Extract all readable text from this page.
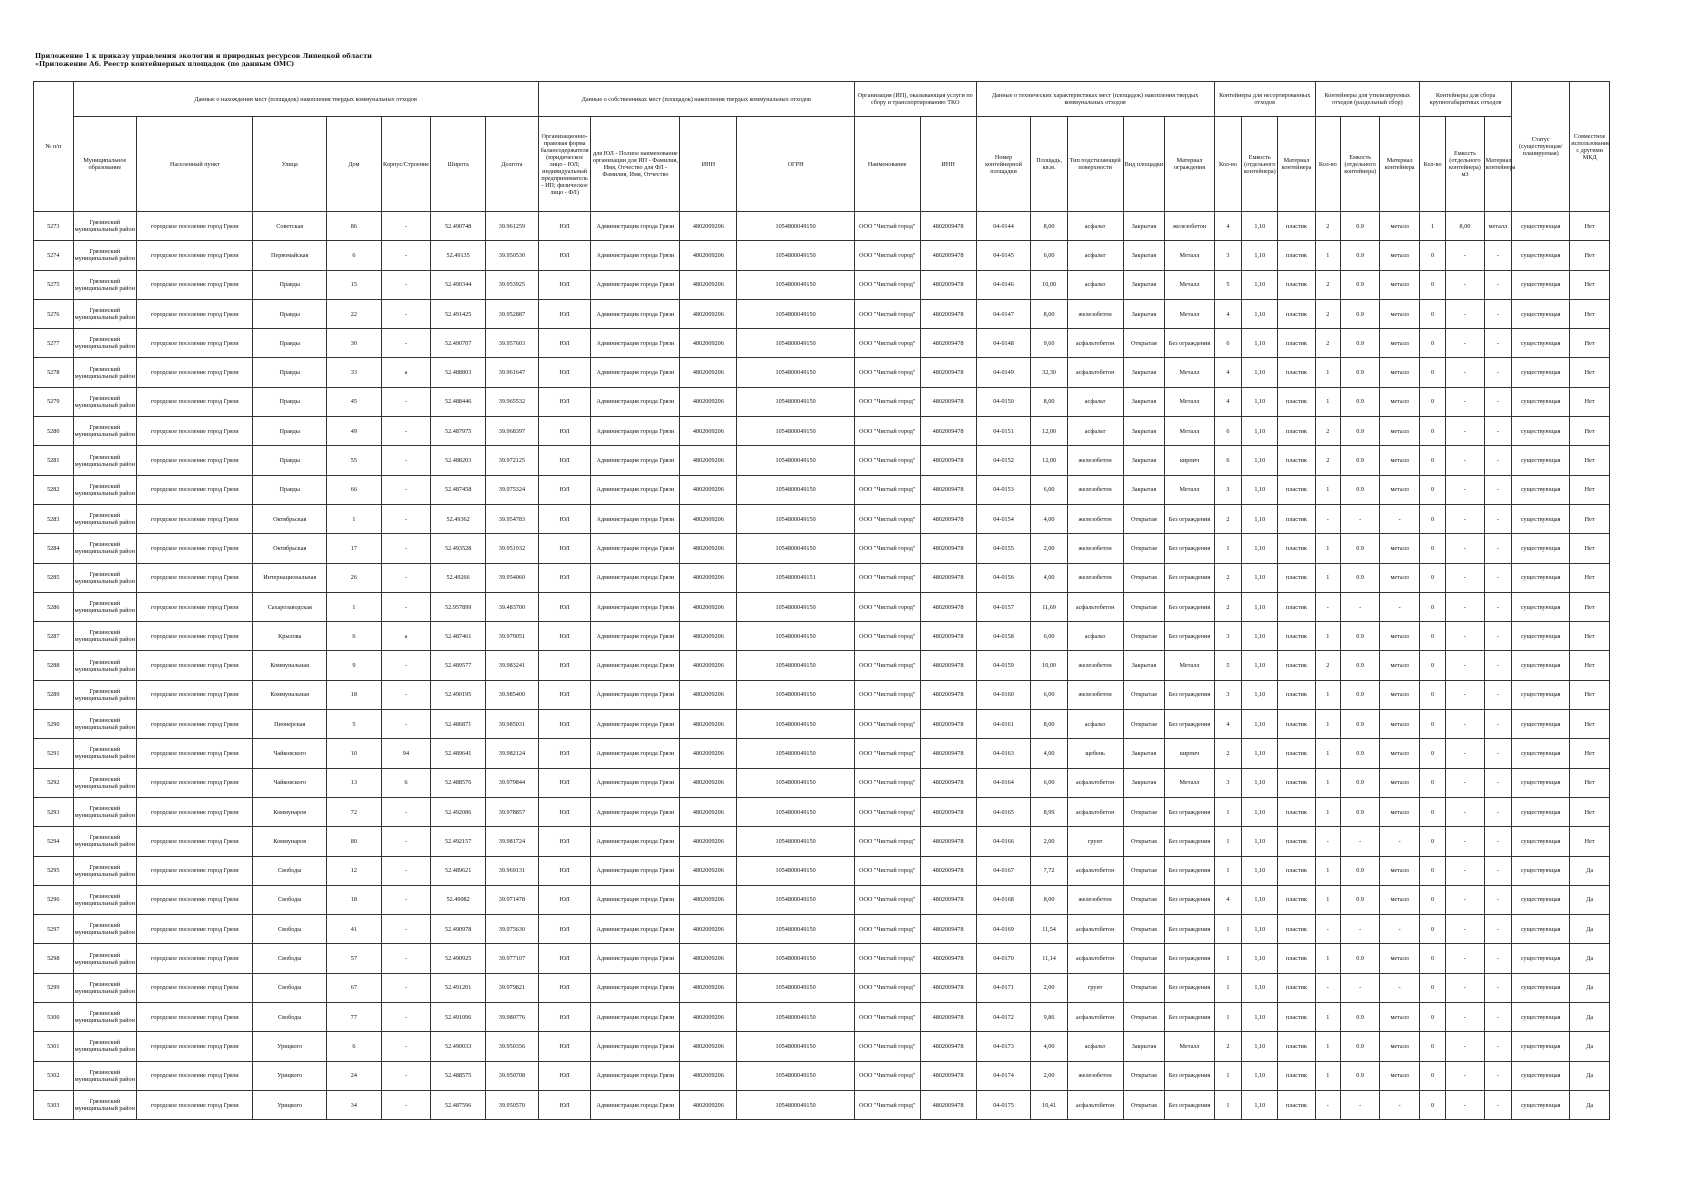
Приложение 1 к приказу управления экологии и природных ресурсов Липецкой области
«Приложение А6. Реестр контейнерных площадок (по данным ОМС)
№ п/п	Данные о нахождении мест (площадок) накопления твердых коммунальных отходов							Данные о собственниках мест (площадок) накопления твердых коммунальных отходов				Организация (ИП), оказывающая услуги по сбору и транспортированию ТКО		Данные о технических характеристиках мест (площадок) накопления твердых коммунальных отходов					Контейнеры для несортированных отходов			Контейнеры для утилизируемых отходов (раздельный сбор)			Контейнеры для сбора крупногабаритных отходов			Статус (существующая/ планируемая)	Совместное использование с другими МКД
	Муниципальное образование	Населенный пункт	Улица	Дом	Корпус/Строение	Широта	Долгота	Организационно-правовая форма балансодержателя (юридическое лицо - ЮЛ; индивидуальный предприниматель - ИП; физическое лицо - ФЛ)	для ЮЛ - Полное наименование организации для ИП - Фамилия, Имя, Отчество для ФЛ - Фамилия, Имя, Отчество	ИНН	ОГРН	Наименование	ИНН	Номер контейнерной площадки	Площадь, кв.м.	Тип подстилающей поверхности	Вид площадки	Материал ограждения	Кол-во	Емкость (отдельного контейнера)	Материал контейнера	Кол-во	Емкость (отдельного контейнера)	Материал контейнера	Кол-во	Емкость (отдельного контейнера) м3	Материал контейнера		
5273	Грязинский муниципальный район	городское поселение город Грязи	Советская	86	-	52.490748	39.961259	ЮЛ	Администрация города Грязи	4802009206	1054800049150	ООО "Чистый город"	4802009478	04-0144	8,00	асфальт	Закрытая	железобетон	4	1,10	пластик	2	0.9	металл	1	8,00	металл	существующая	Нет
5274	Грязинский муниципальный район	городское поселение город Грязи	Первомайская	6	-	52.49135	39.950530	ЮЛ	Администрация города Грязи	4802009206	1054800049150	ООО "Чистый город"	4802009478	04-0145	6,00	асфальт	Закрытая	Металл	3	1,10	пластик	1	0.9	металл	0	-	-	существующая	Нет
5275	Грязинский муниципальный район	городское поселение город Грязи	Правды	15	-	52.490344	39.953925	ЮЛ	Администрация города Грязи	4802009206	1054800049150	ООО "Чистый город"	4802009478	04-0146	10,00	асфальт	Закрытая	Металл	5	1,10	пластик	2	0.9	металл	0	-	-	существующая	Нет
5276	Грязинский муниципальный район	городское поселение город Грязи	Правды	22	-	52.491425	39.952887	ЮЛ	Администрация города Грязи	4802009206	1054800049150	ООО "Чистый город"	4802009478	04-0147	8,00	железобетон	Закрытая	Металл	4	1,10	пластик	2	0.9	металл	0	-	-	существующая	Нет
5277	Грязинский муниципальный район	городское поселение город Грязи	Правды	30	-	52.490707	39.957603	ЮЛ	Администрация города Грязи	4802009206	1054800049150	ООО "Чистый город"	4802009478	04-0148	9,60	асфальтобетон	Открытая	Без ограждения	6	1,10	пластик	2	0.9	металл	0	-	-	существующая	Нет
5278	Грязинский муниципальный район	городское поселение город Грязи	Правды	33	а	52.488803	39.961647	ЮЛ	Администрация города Грязи	4802009206	1054800049150	ООО "Чистый город"	4802009478	04-0149	32,30	асфальтобетон	Закрытая	Металл	4	1,10	пластик	1	0.9	металл	0	-	-	существующая	Нет
5279	Грязинский муниципальный район	городское поселение город Грязи	Правды	45	-	52.488446	39.965532	ЮЛ	Администрация города Грязи	4802009206	1054800049150	ООО "Чистый город"	4802009478	04-0150	8,00	асфальт	Закрытая	Металл	4	1,10	пластик	1	0.9	металл	0	-	-	существующая	Нет
5280	Грязинский муниципальный район	городское поселение город Грязи	Правды	49	-	52.487975	39.968397	ЮЛ	Администрация города Грязи	4802009206	1054800049150	ООО "Чистый город"	4802009478	04-0151	12,00	асфальт	Закрытая	Металл	6	1,10	пластик	2	0.9	металл	0	-	-	существующая	Нет
5281	Грязинский муниципальный район	городское поселение город Грязи	Правды	55	-	52.488203	39.972125	ЮЛ	Администрация города Грязи	4802009206	1054800049150	ООО "Чистый город"	4802009478	04-0152	12,00	железобетон	Закрытая	кирпич	6	1,10	пластик	2	0.9	металл	0	-	-	существующая	Нет
5282	Грязинский муниципальный район	городское поселение город Грязи	Правды	66	-	52.487458	39.975324	ЮЛ	Администрация города Грязи	4802009206	1054800049150	ООО "Чистый город"	4802009478	04-0153	6,00	железобетон	Закрытая	Металл	3	1,10	пластик	1	0.9	металл	0	-	-	существующая	Нет
5283	Грязинский муниципальный район	городское поселение город Грязи	Октябрьская	1	-	52.49362	39.954783	ЮЛ	Администрация города Грязи	4802009206	1054800049150	ООО "Чистый город"	4802009478	04-0154	4,00	железобетон	Открытая	Без ограждения	2	1,10	пластик	-	-	-	0	-	-	существующая	Нет
5284	Грязинский муниципальный район	городское поселение город Грязи	Октябрьская	17	-	52.493528	39.951932	ЮЛ	Администрация города Грязи	4802009206	1054800049150	ООО "Чистый город"	4802009478	04-0155	2,00	железобетон	Открытая	Без ограждения	1	1,10	пластик	1	0.9	металл	0	-	-	существующая	Нет
5285	Грязинский муниципальный район	городское поселение город Грязи	Интернациональная	26	-	52.49266	39.954060	ЮЛ	Администрация города Грязи	4802009206	1054800049151	ООО "Чистый город"	4802009478	04-0156	4,00	железобетон	Открытая	Без ограждения	2	1,10	пластик	1	0.9	металл	0	-	-	существующая	Нет
5286	Грязинский муниципальный район	городское поселение город Грязи	Сахарозаводская	1	-	52.957899	39.483700	ЮЛ	Администрация города Грязи	4802009206	1054800049150	ООО "Чистый город"	4802009478	04-0157	11,69	асфальтобетон	Открытая	Без ограждения	2	1,10	пластик	-	-	-	0	-	-	существующая	Нет
5287	Грязинский муниципальный район	городское поселение город Грязи	Крылова	6	а	52.487461	39.979051	ЮЛ	Администрация города Грязи	4802009206	1054800049150	ООО "Чистый город"	4802009478	04-0158	6,00	асфальт	Открытая	Без ограждения	3	1,10	пластик	1	0.9	металл	0	-	-	существующая	Нет
5288	Грязинский муниципальный район	городское поселение город Грязи	Коммунальная	9	-	52.489577	39.983241	ЮЛ	Администрация города Грязи	4802009206	1054800049150	ООО "Чистый город"	4802009478	04-0159	10,00	железобетон	Закрытая	Металл	5	1,10	пластик	2	0.9	металл	0	-	-	существующая	Нет
5289	Грязинский муниципальный район	городское поселение город Грязи	Коммунальная	18	-	52.490195	39.985400	ЮЛ	Администрация города Грязи	4802009206	1054800049150	ООО "Чистый город"	4802009478	04-0160	6,00	железобетон	Открытая	Без ограждения	3	1,10	пластик	1	0.9	металл	0	-	-	существующая	Нет
5290	Грязинский муниципальный район	городское поселение город Грязи	Пионерская	5	-	52.486871	39.985031	ЮЛ	Администрация города Грязи	4802009206	1054800049150	ООО "Чистый город"	4802009478	04-0161	8,00	асфальт	Открытая	Без ограждения	4	1,10	пластик	1	0.9	металл	0	-	-	существующая	Нет
5291	Грязинский муниципальный район	городское поселение город Грязи	Чайковского	10	94	52.489641	39.982124	ЮЛ	Администрация города Грязи	4802009206	1054800049150	ООО "Чистый город"	4802009478	04-0163	4,00	щебень	Закрытая	кирпич	2	1,10	пластик	1	0.9	металл	0	-	-	существующая	Нет
5292	Грязинский муниципальный район	городское поселение город Грязи	Чайковского	13	6	52.488576	39.979844	ЮЛ	Администрация города Грязи	4802009206	1054800049150	ООО "Чистый город"	4802009478	04-0164	6,00	асфальтобетон	Закрытая	Металл	3	1,10	пластик	1	0.9	металл	0	-	-	существующая	Нет
5293	Грязинский муниципальный район	городское поселение город Грязи	Коммунаров	72	-	52.492086	39.978857	ЮЛ	Администрация города Грязи	4802009206	1054800049150	ООО "Чистый город"	4802009478	04-0165	8,99	асфальтобетон	Открытая	Без ограждения	1	1,10	пластик	1	0.9	металл	0	-	-	существующая	Нет
5294	Грязинский муниципальный район	городское поселение город Грязи	Коммунаров	80	-	52.492157	39.981724	ЮЛ	Администрация города Грязи	4802009206	1054800049150	ООО "Чистый город"	4802009478	04-0166	2,00	грунт	Открытая	Без ограждения	1	1,10	пластик	-	-	-	0	-	-	существующая	Нет
5295	Грязинский муниципальный район	городское поселение город Грязи	Свободы	12	-	52.489621	39.969131	ЮЛ	Администрация города Грязи	4802009206	1054800049150	ООО "Чистый город"	4802009478	04-0167	7,72	асфальтобетон	Открытая	Без ограждения	1	1,10	пластик	1	0.9	металл	0	-	-	существующая	Да
5296	Грязинский муниципальный район	городское поселение город Грязи	Свободы	18	-	52.49082	39.971478	ЮЛ	Администрация города Грязи	4802009206	1054800049150	ООО "Чистый город"	4802009478	04-0168	8,00	железобетон	Открытая	Без ограждения	4	1,10	пластик	1	0.9	металл	0	-	-	существующая	Да
5297	Грязинский муниципальный район	городское поселение город Грязи	Свободы	41	-	52.490978	39.975630	ЮЛ	Администрация города Грязи	4802009206	1054800049150	ООО "Чистый город"	4802009478	04-0169	11,54	асфальтобетон	Открытая	Без ограждения	1	1,10	пластик	-	-	-	0	-	-	существующая	Да
5298	Грязинский муниципальный район	городское поселение город Грязи	Свободы	57	-	52.490925	39.977107	ЮЛ	Администрация города Грязи	4802009206	1054800049150	ООО "Чистый город"	4802009478	04-0170	11,14	асфальтобетон	Открытая	Без ограждения	1	1,10	пластик	1	0.9	металл	0	-	-	существующая	Да
5299	Грязинский муниципальный район	городское поселение город Грязи	Свободы	67	-	52.491201	39.979821	ЮЛ	Администрация города Грязи	4802009206	1054800049150	ООО "Чистый город"	4802009478	04-0171	2,00	грунт	Открытая	Без ограждения	1	1,10	пластик	-	-	-	0	-	-	существующая	Да
5300	Грязинский муниципальный район	городское поселение город Грязи	Свободы	77	-	52.491096	39.980776	ЮЛ	Администрация города Грязи	4802009206	1054800049150	ООО "Чистый город"	4802009478	04-0172	9,86	асфальтобетон	Открытая	Без ограждения	1	1,10	пластик	1	0.9	металл	0	-	-	существующая	Да
5301	Грязинский муниципальный район	городское поселение город Грязи	Урицкого	6	-	52.490033	39.950356	ЮЛ	Администрация города Грязи	4802009206	1054800049150	ООО "Чистый город"	4802009478	04-0173	4,00	асфальт	Закрытая	Металл	2	1,10	пластик	1	0.9	металл	0	-	-	существующая	Да
5302	Грязинский муниципальный район	городское поселение город Грязи	Урицкого	24	-	52.488575	39.950708	ЮЛ	Администрация города Грязи	4802009206	1054800049150	ООО "Чистый город"	4802009478	04-0174	2,00	железобетон	Открытая	Без ограждения	1	1,10	пластик	1	0.9	металл	0	-	-	существующая	Да
5303	Грязинский муниципальный район	городское поселение город Грязи	Урицкого	34	-	52.487596	39.950570	ЮЛ	Администрация города Грязи	4802009206	1054800049150	ООО "Чистый город"	4802009478	04-0175	10,41	асфальтобетон	Открытая	Без ограждения	1	1,10	пластик	-	-	-	0	-	-	существующая	Да
